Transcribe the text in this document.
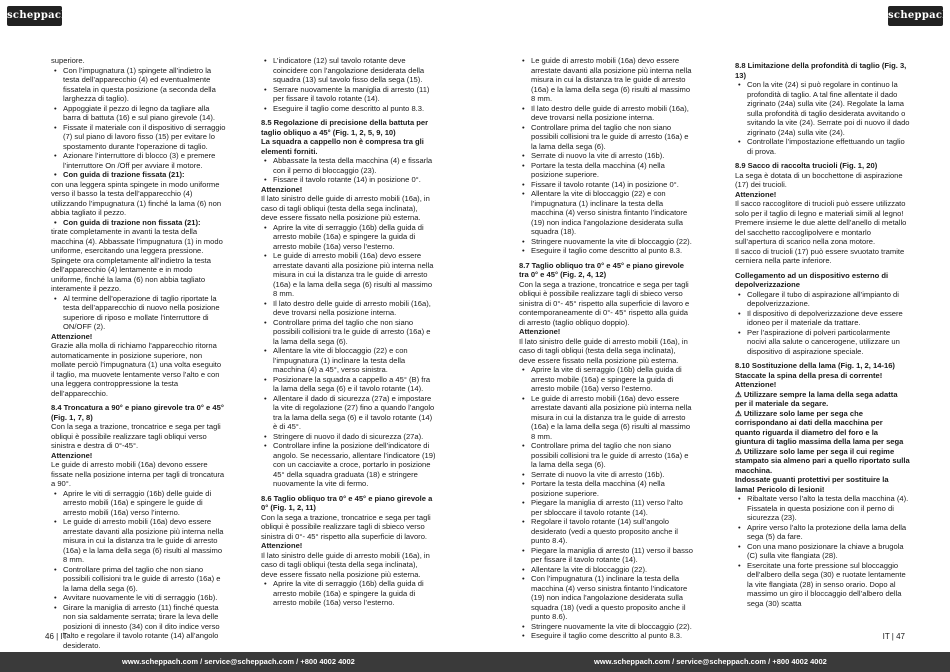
scheppach	scheppach

superiore.

• Con l’impugnatura (1) spingete all’indietro la testa dell’apparecchio (4) ed eventualmente fissatela in questa posizione (a seconda della larghezza di taglio).
• Appoggiate il pezzo di legno da tagliare alla barra di battuta (16) e sul piano girevole (14).
• Fissate il materiale con il dispositivo di serraggio (7) sul piano di lavoro fisso (15) per evitare lo spostamento durante l’operazione di taglio.
• Azionare l’interruttore di blocco (3) e premere l’interruttore On /Off per avviare il motore.
• Con guida di trazione fissata (21):

con una leggera spinta spingete in modo uniforme verso il basso la testa dell’apparecchio (4) utilizzando l’impugnatura (1) finché la lama (6) non abbia tagliato il pezzo.

• Con guida di trazione non fissata (21):

tirate completamente in avanti la testa della macchina (4). Abbassate l’impugnatura (1) in modo uniforme, esercitando una leggera pressione. Spingete ora completamente all’indietro la testa dell’apparecchio (4) lentamente e in modo uniforme, finché la lama (6) non abbia tagliato interamente il pezzo.

• Al termine dell’operazione di taglio riportate la testa dell’apparecchio di nuovo nella posizione superiore di riposo e mollate l’interruttore di ON/OFF (2).

Attenzione!

Grazie alla molla di richiamo l’apparecchio ritorna automaticamente in posizione superiore, non mollate perciò l’impugnatura (1) una volta eseguito il taglio, ma muovete lentamente verso l’alto e con una leggera controppressione la testa dell’apparecchio.

8.4 Troncatura a 90° e piano girevole tra 0° e 45° (Fig. 1, 7, 8)

Con la sega a trazione, troncatrice e sega per tagli obliqui è possibile realizzare tagli obliqui verso sinistra e destra di 0°-45°.

Attenzione!

Le guide di arresto mobili (16a) devono essere fissate nella posizione interna per tagli di troncatura a 90°.

• Aprire le viti di serraggio (16b) delle guide di arresto mobili (16a) e spingere le guide di arresto mobili (16a) verso l’interno.
• Le guide di arresto mobili (16a) devo essere arrestate davanti alla posizione più interna nella misura in cui la distanza tra le guide di arresto (16a) e la lama della sega (6) risulti al massimo 8 mm.
• Controllare prima del taglio che non siano possibili collisioni tra le guide di arresto (16a) e la lama della sega (6).
• Avvitare nuovamente le viti di serraggio (16b).
• Girare la maniglia di arresto (11) finché questa non sia saldamente serrata; tirare la leva delle posizioni di innesto (34) con il dito indice verso l’alto e regolare il tavolo rotante (14) all’angolo desiderato.
• L’indicatore (12) sul tavolo rotante deve coincidere con l’angolazione desiderata della squadra (13) sul tavolo fisso della sega (15).
• Serrare nuovamente la maniglia di arresto (11) per fissare il tavolo rotante (14).
• Eseguire il taglio come descritto al punto 8.3.

8.5 Regolazione di precisione della battuta per taglio obliquo a 45° (Fig. 1, 2, 5, 9, 10)

La squadra a cappello non è compresa tra gli elementi forniti.

• Abbassate la testa della macchina (4) e fissarla con il perno di bloccaggio (23).
• Fissare il tavolo rotante (14) in posizione 0°.

Attenzione!

Il lato sinistro delle guide di arresto mobili (16a), in caso di tagli obliqui (testa della sega inclinata), deve essere fissato nella posizione più esterna.

• Aprire la vite di serraggio (16b) della guida di arresto mobile (16a) e spingere la guida di arresto mobile (16a) verso l’esterno.
• Le guide di arresto mobili (16a) devo essere arrestate davanti alla posizione più interna nella misura in cui la distanza tra le guide di arresto (16a) e la lama della sega (6) risulti al massimo 8 mm.
• Il lato destro delle guide di arresto mobili (16a), deve trovarsi nella posizione interna.
• Controllare prima del taglio che non siano possibili collisioni tra le guide di arresto (16a) e la lama della sega (6).
• Allentare la vite di bloccaggio (22) e con l’impugnatura (1) inclinare la testa della macchina (4) a 45°, verso sinistra.
• Posizionare la squadra a cappello a 45° (B) fra la lama della sega (6) e il tavolo rotante (14).
• Allentare il dado di sicurezza (27a) e impostare la vite di regolazione (27) fino a quando l’angolo tra la lama della sega (6) e il tavolo rotante (14) è di 45°.
• Stringere di nuovo il dado di sicurezza (27a).
• Controllare infine la posizione dell’indicatore di angolo. Se necessario, allentare l’indicatore (19) con un cacciavite a croce, portarlo in posizione 45° della squadra graduata (18) e stringere nuovamente la vite di fermo.

8.6 Taglio obliquo tra 0° e 45° e piano girevole a 0° (Fig. 1, 2, 11)

Con la sega a trazione, troncatrice e sega per tagli obliqui è possibile realizzare tagli di sbieco verso sinistra di 0°- 45° rispetto alla superficie di lavoro.

Attenzione!

Il lato sinistro delle guide di arresto mobili (16a), in caso di tagli obliqui (testa della sega inclinata), deve essere fissato nella posizione più esterna.

• Aprire la vite di serraggio (16b) della guida di arresto mobile (16a) e spingere la guida di arresto mobile (16a) verso l’esterno.
• Le guide di arresto mobili (16a) devo essere arrestate davanti alla posizione più interna nella misura in cui la distanza tra le guide di arresto (16a) e la lama della sega (6) risulti al massimo 8 mm.
• Il lato destro delle guide di arresto mobili (16a), deve trovarsi nella posizione interna.
• Controllare prima del taglio che non siano possibili collisioni tra le guide di arresto (16a) e la lama della sega (6).
• Serrate di nuovo la vite di arresto (16b).
• Portare la testa della macchina (4) nella posizione superiore.
• Fissare il tavolo rotante (14) in posizione 0°.
• Allentare la vite di bloccaggio (22) e con l’impugnatura (1) inclinare la testa della macchina (4) verso sinistra fintanto l’indicatore (19) non indica l’angolazione desiderata sulla squadra (18).
• Stringere nuovamente la vite di bloccaggio (22).
• Eseguire il taglio come descritto al punto 8.3.

8.7 Taglio obliquo tra 0° e 45° e piano girevole tra 0° e 45° (Fig. 2, 4, 12)

Con la sega a trazione, troncatrice e sega per tagli obliqui è possibile realizzare tagli di sbieco verso sinistra di 0°- 45° rispetto alla superficie di lavoro e contemporaneamente di 0°- 45° rispetto alla guida di arresto (taglio obliquo doppio).

Attenzione!

Il lato sinistro delle guide di arresto mobili (16a), in caso di tagli obliqui (testa della sega inclinata), deve essere fissato nella posizione più esterna.

• Aprire la vite di serraggio (16b) della guida di arresto mobile (16a) e spingere la guida di arresto mobile (16a) verso l’esterno.
• Le guide di arresto mobili (16a) devo essere arrestate davanti alla posizione più interna nella misura in cui la distanza tra le guide di arresto (16a) e la lama della sega (6) risulti al massimo 8 mm.
• Controllare prima del taglio che non siano possibili collisioni tra le guide di arresto (16a) e la lama della sega (6).
• Serrate di nuovo la vite di arresto (16b).
• Portare la testa della macchina (4) nella posizione superiore.
• Piegare la maniglia di arresto (11) verso l’alto per sbloccare il tavolo rotante (14).
• Regolare il tavolo rotante (14) sull’angolo desiderato (vedi a questo proposito anche il punto 8.4).
• Piegare la maniglia di arresto (11) verso il basso per fissare il tavolo rotante (14).
• Allentare la vite di bloccaggio (22).
• Con l’impugnatura (1) inclinare la testa della macchina (4) verso sinistra fintanto l’indicatore (19) non indica l’angolazione desiderata sulla squadra (18) (vedi a questo proposito anche il punto 8.6).
• Stringere nuovamente la vite di bloccaggio (22).
• Eseguire il taglio come descritto al punto 8.3.

8.8 Limitazione della profondità di taglio (Fig. 3, 13)

• Con la vite (24) si può regolare in continuo la profondità di taglio. A tal fine allentate il dado zigrinato (24a) sulla vite (24). Regolate la lama sulla profondità di taglio desiderata avvitando o svitando la vite (24). Serrate poi di nuovo il dado zigrinato (24a) sulla vite (24).
• Controllate l’impostazione effettuando un taglio di prova.

8.9 Sacco di raccolta trucioli (Fig. 1, 20)

La sega è dotata di un bocchettone di aspirazione (17) dei trucioli.

Attenzione!

Il sacco raccoglitore di trucioli può essere utilizzato solo per il taglio di legno e materiali simili al legno! Premere insieme le due alette dell’anello di metallo del sacchetto raccoglipolvere e montarlo sull’apertura di scarico nella zona motore.

Il sacco di trucioli (17) può essere svuotato tramite cerniera nella parte inferiore.

Collegamento ad un dispositivo esterno di depolverizzazione

• Collegare il tubo di aspirazione all’impianto di depolverizzazione.
• Il dispositivo di depolverizzazione deve essere idoneo per il materiale da trattare.
• Per l’aspirazione di polveri particolarmente nocivi alla salute o cancerogene, utilizzare un dispositivo di aspirazione speciale.

8.10 Sostituzione della lama (Fig. 1, 2, 14-16)

Staccate la spina della presa di corrente!

Attenzione!

⚠ Utilizzare sempre la lama della sega adatta per il materiale da segare.

⚠ Utilizzare solo lame per sega che corrispondano ai dati della macchina per quanto riguarda il diametro del foro e la giuntura di taglio massima della lama per sega

⚠ Utilizzare solo lame per sega il cui regime stampato sia almeno pari a quello riportato sulla macchina.

Indossate guanti protettivi per sostituire la lama! Pericolo di lesioni!

• Ribaltate verso l’alto la testa della macchina (4). Fissatela in questa posizione con il perno di sicurezza (23).
• Aprire verso l’alto la protezione della lama della sega (5) da fare.
• Con una mano posizionare la chiave a brugola (C) sulla vite flangiata (28).
• Esercitate una forte pressione sul bloccaggio dell’albero della sega (30) e ruotate lentamente la vite flangiata (28) in senso orario. Dopo al massimo un giro il bloccaggio dell’albero della sega (30) scatta
46 | IT	IT | 47
www.scheppach.com / service@scheppach.com / +800 4002 4002	www.scheppach.com / service@scheppach.com / +800 4002 4002
